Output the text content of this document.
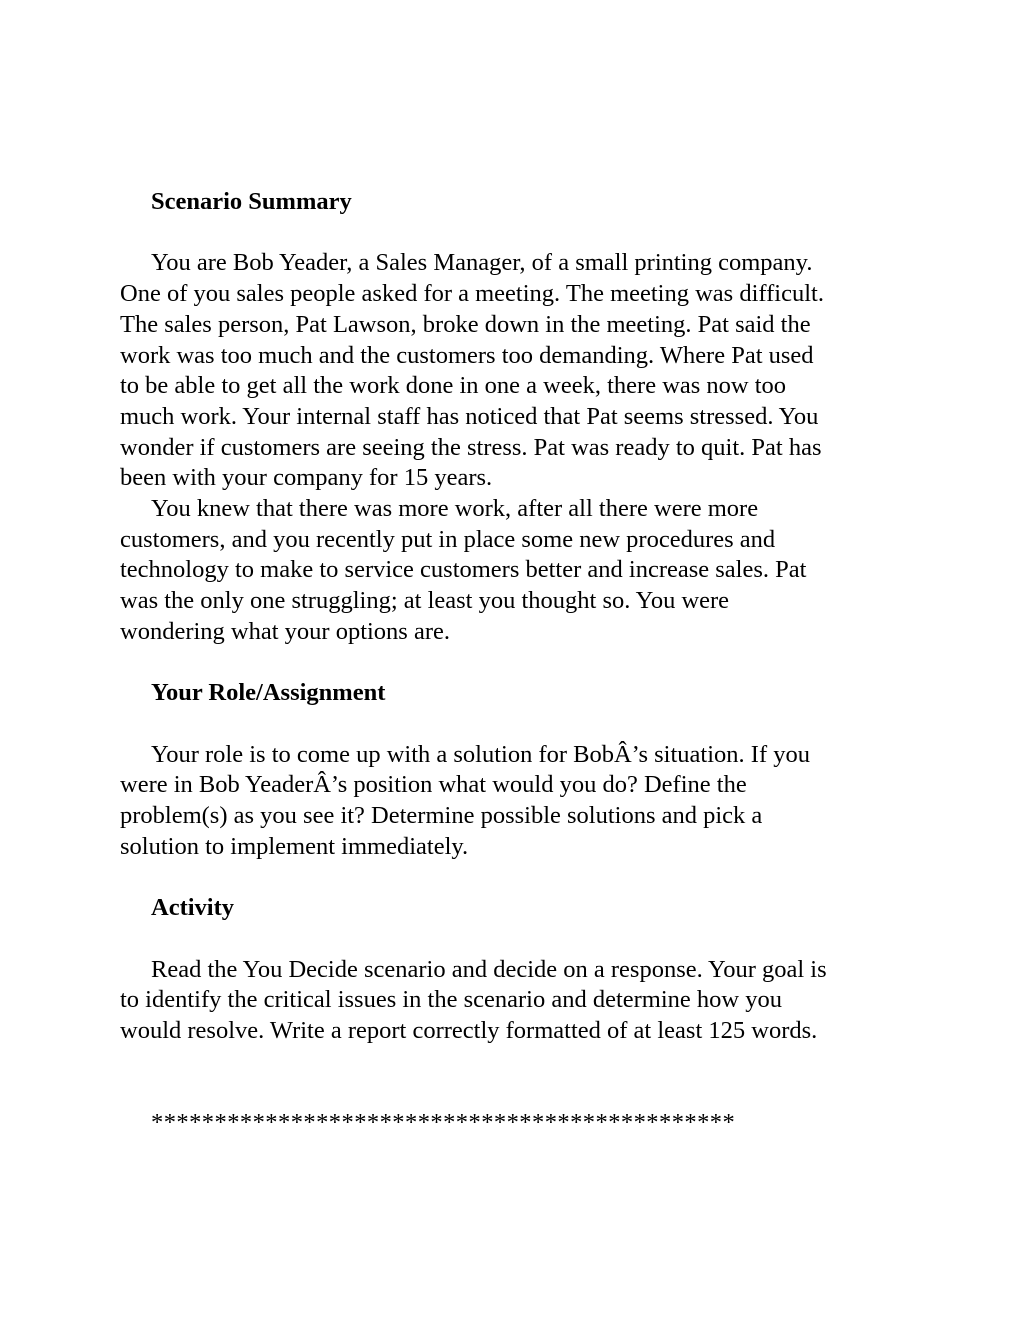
Scenario Summary

You are Bob Yeader, a Sales Manager, of a small printing company.
One of you sales people asked for a meeting. The meeting was difficult.
The sales person, Pat Lawson, broke down in the meeting. Pat said the
work was too much and the customers too demanding. Where Pat used
to be able to get all the work done in one a week, there was now too
much work. Your internal staff has noticed that Pat seems stressed. You
wonder if customers are seeing the stress. Pat was ready to quit. Pat has
been with your company for 15 years.

You knew that there was more work, after all there were more
customers, and you recently put in place some new procedures and
technology to make to service customers better and increase sales. Pat
was the only one struggling; at least you thought so. You were
wondering what your options are.

Your Role/Assignment

Your role is to come up with a solution for BobÂ’s situation. If you
were in Bob YeaderÂ’s position what would you do? Define the
problem(s) as you see it? Determine possible solutions and pick a
solution to implement immediately.

Activity

Read the You Decide scenario and decide on a response. Your goal is
to identify the critical issues in the scenario and determine how you
would resolve. Write a report correctly formatted of at least 125 words.

**********************************************
